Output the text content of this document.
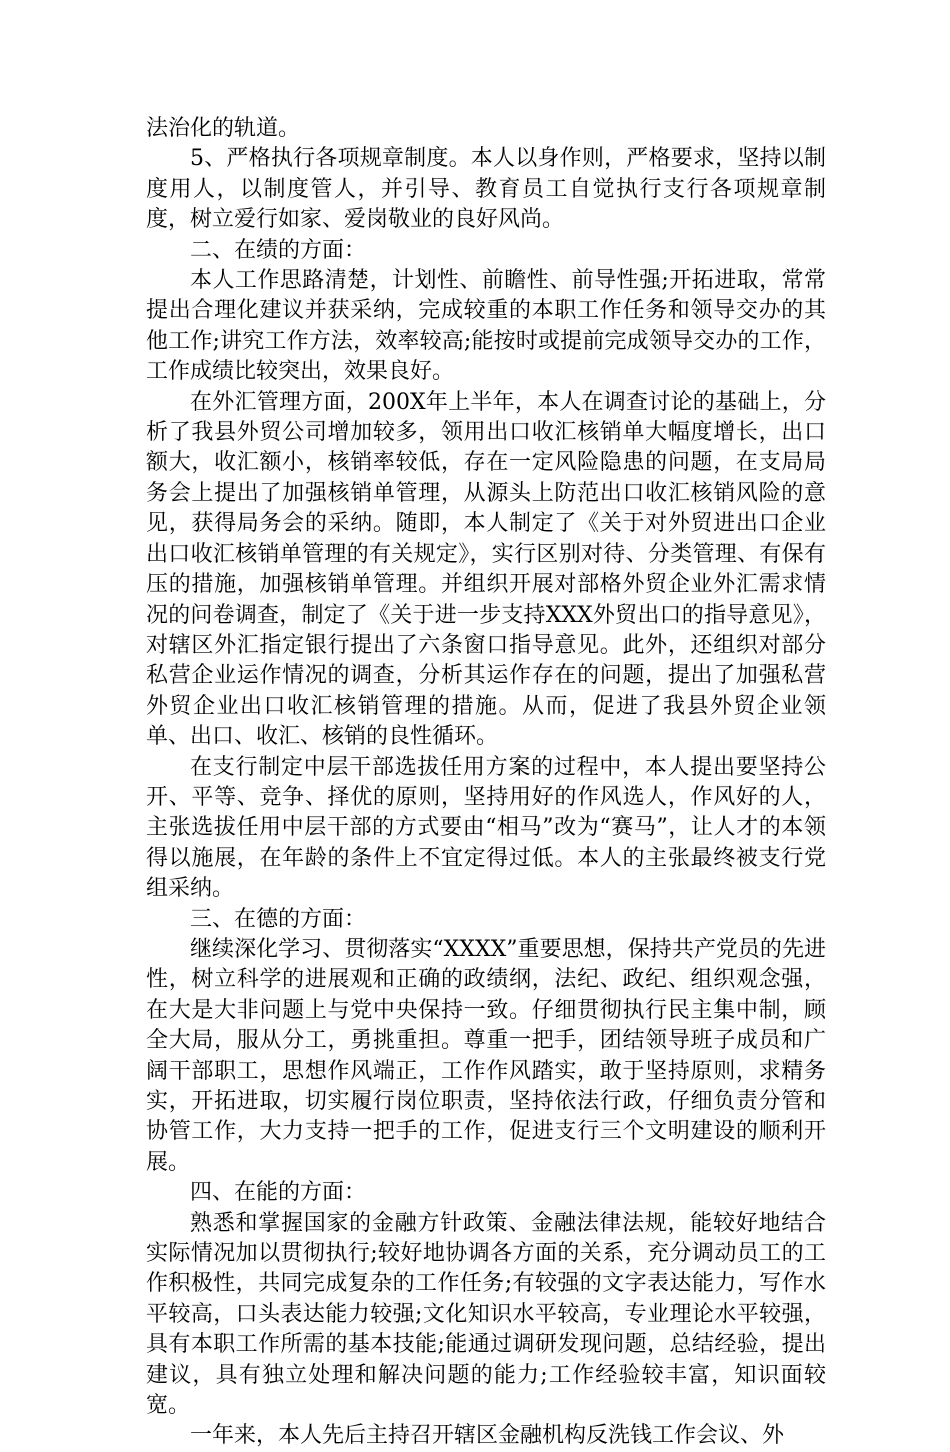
法治化的轨道。

5、严格执行各项规章制度。本人以身作则，严格要求，坚持以制度用人，以制度管人，并引导、教育员工自觉执行支行各项规章制度，树立爱行如家、爱岗敬业的良好风尚。

二、在绩的方面：

本人工作思路清楚，计划性、前瞻性、前导性强;开拓进取，常常提出合理化建议并获采纳，完成较重的本职工作任务和领导交办的其他工作;讲究工作方法，效率较高;能按时或提前完成领导交办的工作，工作成绩比较突出，效果良好。

在外汇管理方面，200X年上半年，本人在调查讨论的基础上，分析了我县外贸公司增加较多，领用出口收汇核销单大幅度增长，出口额大，收汇额小，核销率较低，存在一定风险隐患的问题，在支局局务会上提出了加强核销单管理，从源头上防范出口收汇核销风险的意见，获得局务会的采纳。随即，本人制定了《关于对外贸进出口企业出口收汇核销单管理的有关规定》，实行区别对待、分类管理、有保有压的措施，加强核销单管理。并组织开展对部格外贸企业外汇需求情况的问卷调查，制定了《关于进一步支持XXX外贸出口的指导意见》，对辖区外汇指定银行提出了六条窗口指导意见。此外，还组织对部分私营企业运作情况的调查，分析其运作存在的问题，提出了加强私营外贸企业出口收汇核销管理的措施。从而，促进了我县外贸企业领单、出口、收汇、核销的良性循环。

在支行制定中层干部选拔任用方案的过程中，本人提出要坚持公开、平等、竞争、择优的原则，坚持用好的作风选人，作风好的人，主张选拔任用中层干部的方式要由“相马”改为“赛马”，让人才的本领得以施展，在年龄的条件上不宜定得过低。本人的主张最终被支行党组采纳。

三、在德的方面：

继续深化学习、贯彻落实“XXXX”重要思想，保持共产党员的先进性，树立科学的进展观和正确的政绩纲，法纪、政纪、组织观念强，在大是大非问题上与党中央保持一致。仔细贯彻执行民主集中制，顾全大局，服从分工，勇挑重担。尊重一把手，团结领导班子成员和广阔干部职工，思想作风端正，工作作风踏实，敢于坚持原则，求精务实，开拓进取，切实履行岗位职责，坚持依法行政，仔细负责分管和协管工作，大力支持一把手的工作，促进支行三个文明建设的顺利开展。

四、在能的方面：

熟悉和掌握国家的金融方针政策、金融法律法规，能较好地结合实际情况加以贯彻执行;较好地协调各方面的关系，充分调动员工的工作积极性，共同完成复杂的工作任务;有较强的文字表达能力，写作水平较高，口头表达能力较强;文化知识水平较高，专业理论水平较强，具有本职工作所需的基本技能;能通过调研发现问题，总结经验，提出建议，具有独立处理和解决问题的能力;工作经验较丰富，知识面较宽。

一年来，本人先后主持召开辖区金融机构反洗钱工作会议、外
